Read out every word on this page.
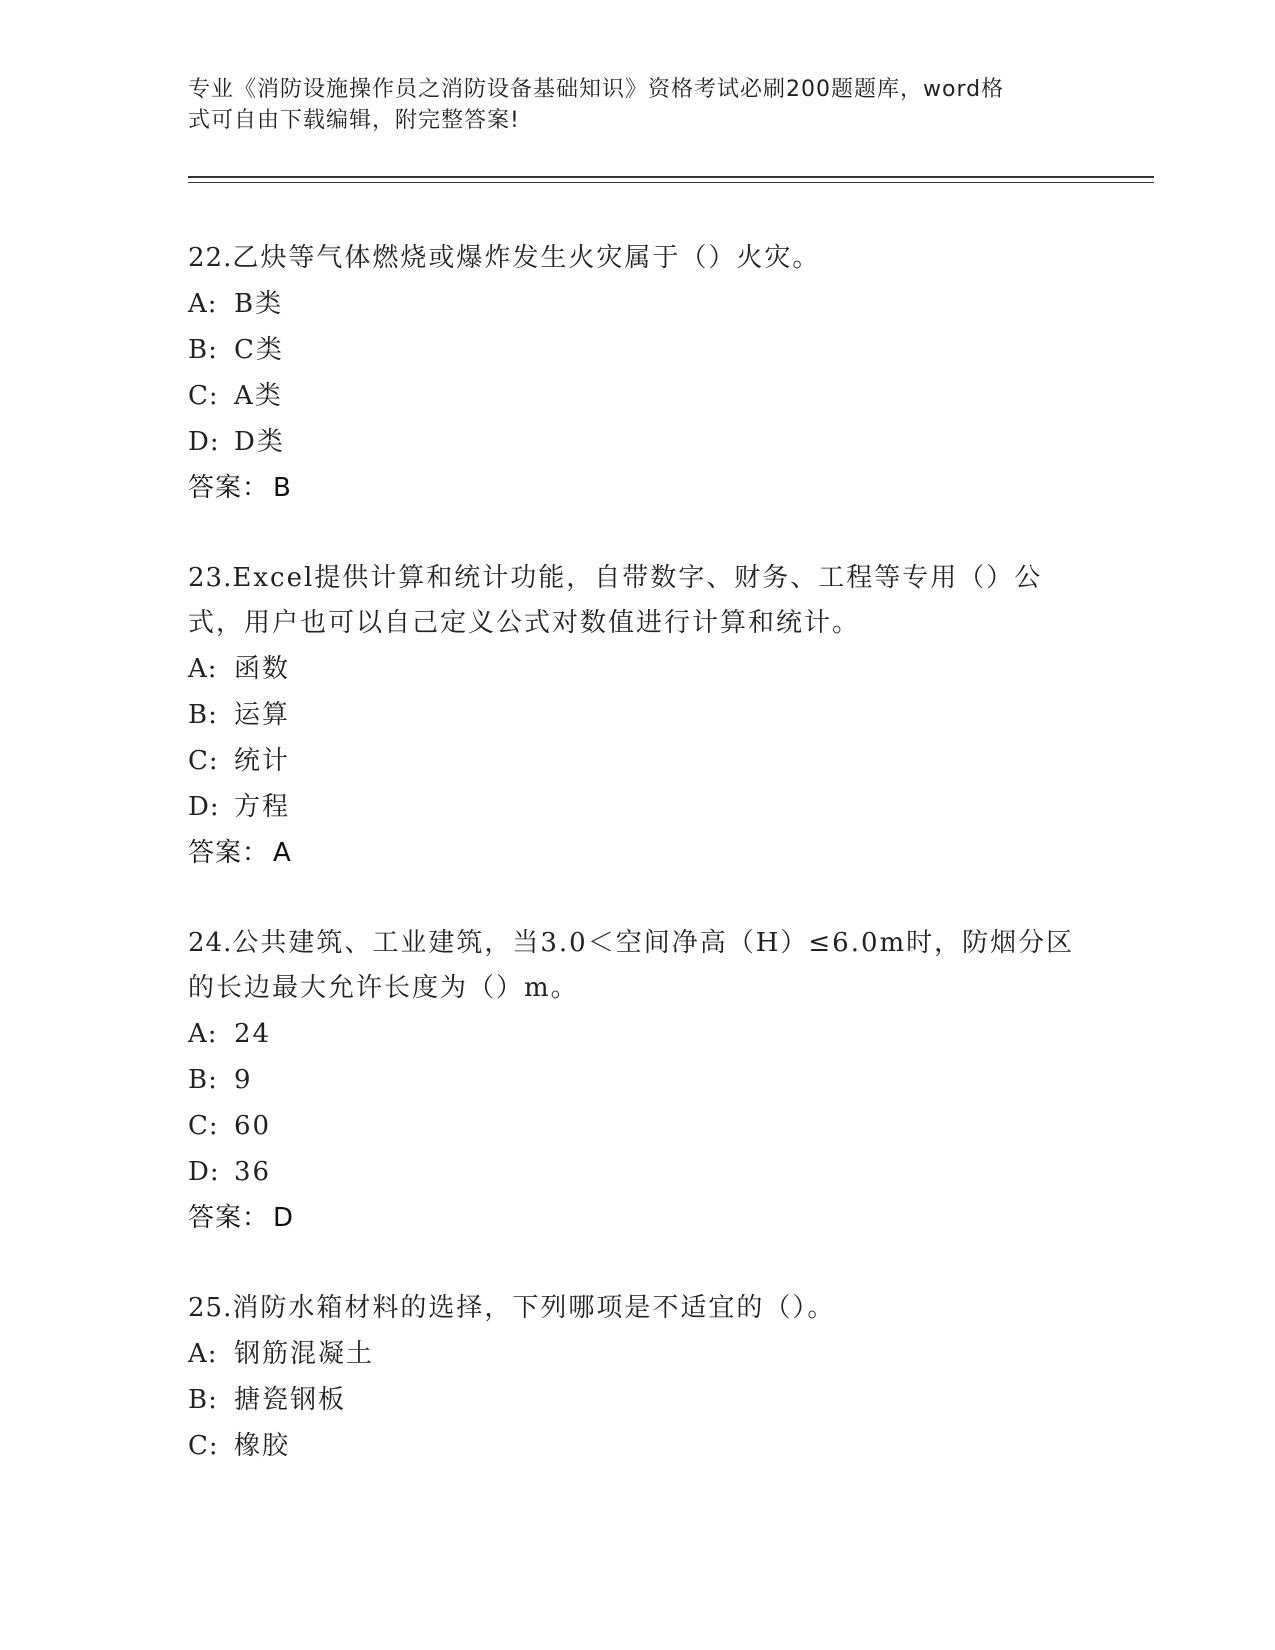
专业《消防设施操作员之消防设备基础知识》资格考试必刷200题题库，word格
式可自由下载编辑，附完整答案!
22.乙炔等气体燃烧或爆炸发生火灾属于（）火灾。
A: B类
B: C类
C: A类
D: D类
答案： B
23.Excel提供计算和统计功能，自带数字、财务、工程等专用（）公式，用户也可以自己定义公式对数值进行计算和统计。
A: 函数
B: 运算
C: 统计
D: 方程
答案： A
24.公共建筑、工业建筑，当3.0＜空间净高（H）≤6.0m时，防烟分区的长边最大允许长度为（）m。
A: 24
B: 9
C: 60
D: 36
答案： D
25.消防水箱材料的选择，下列哪项是不适宜的（）。
A: 钢筋混凝土
B: 搪瓷钢板
C: 橡胶
